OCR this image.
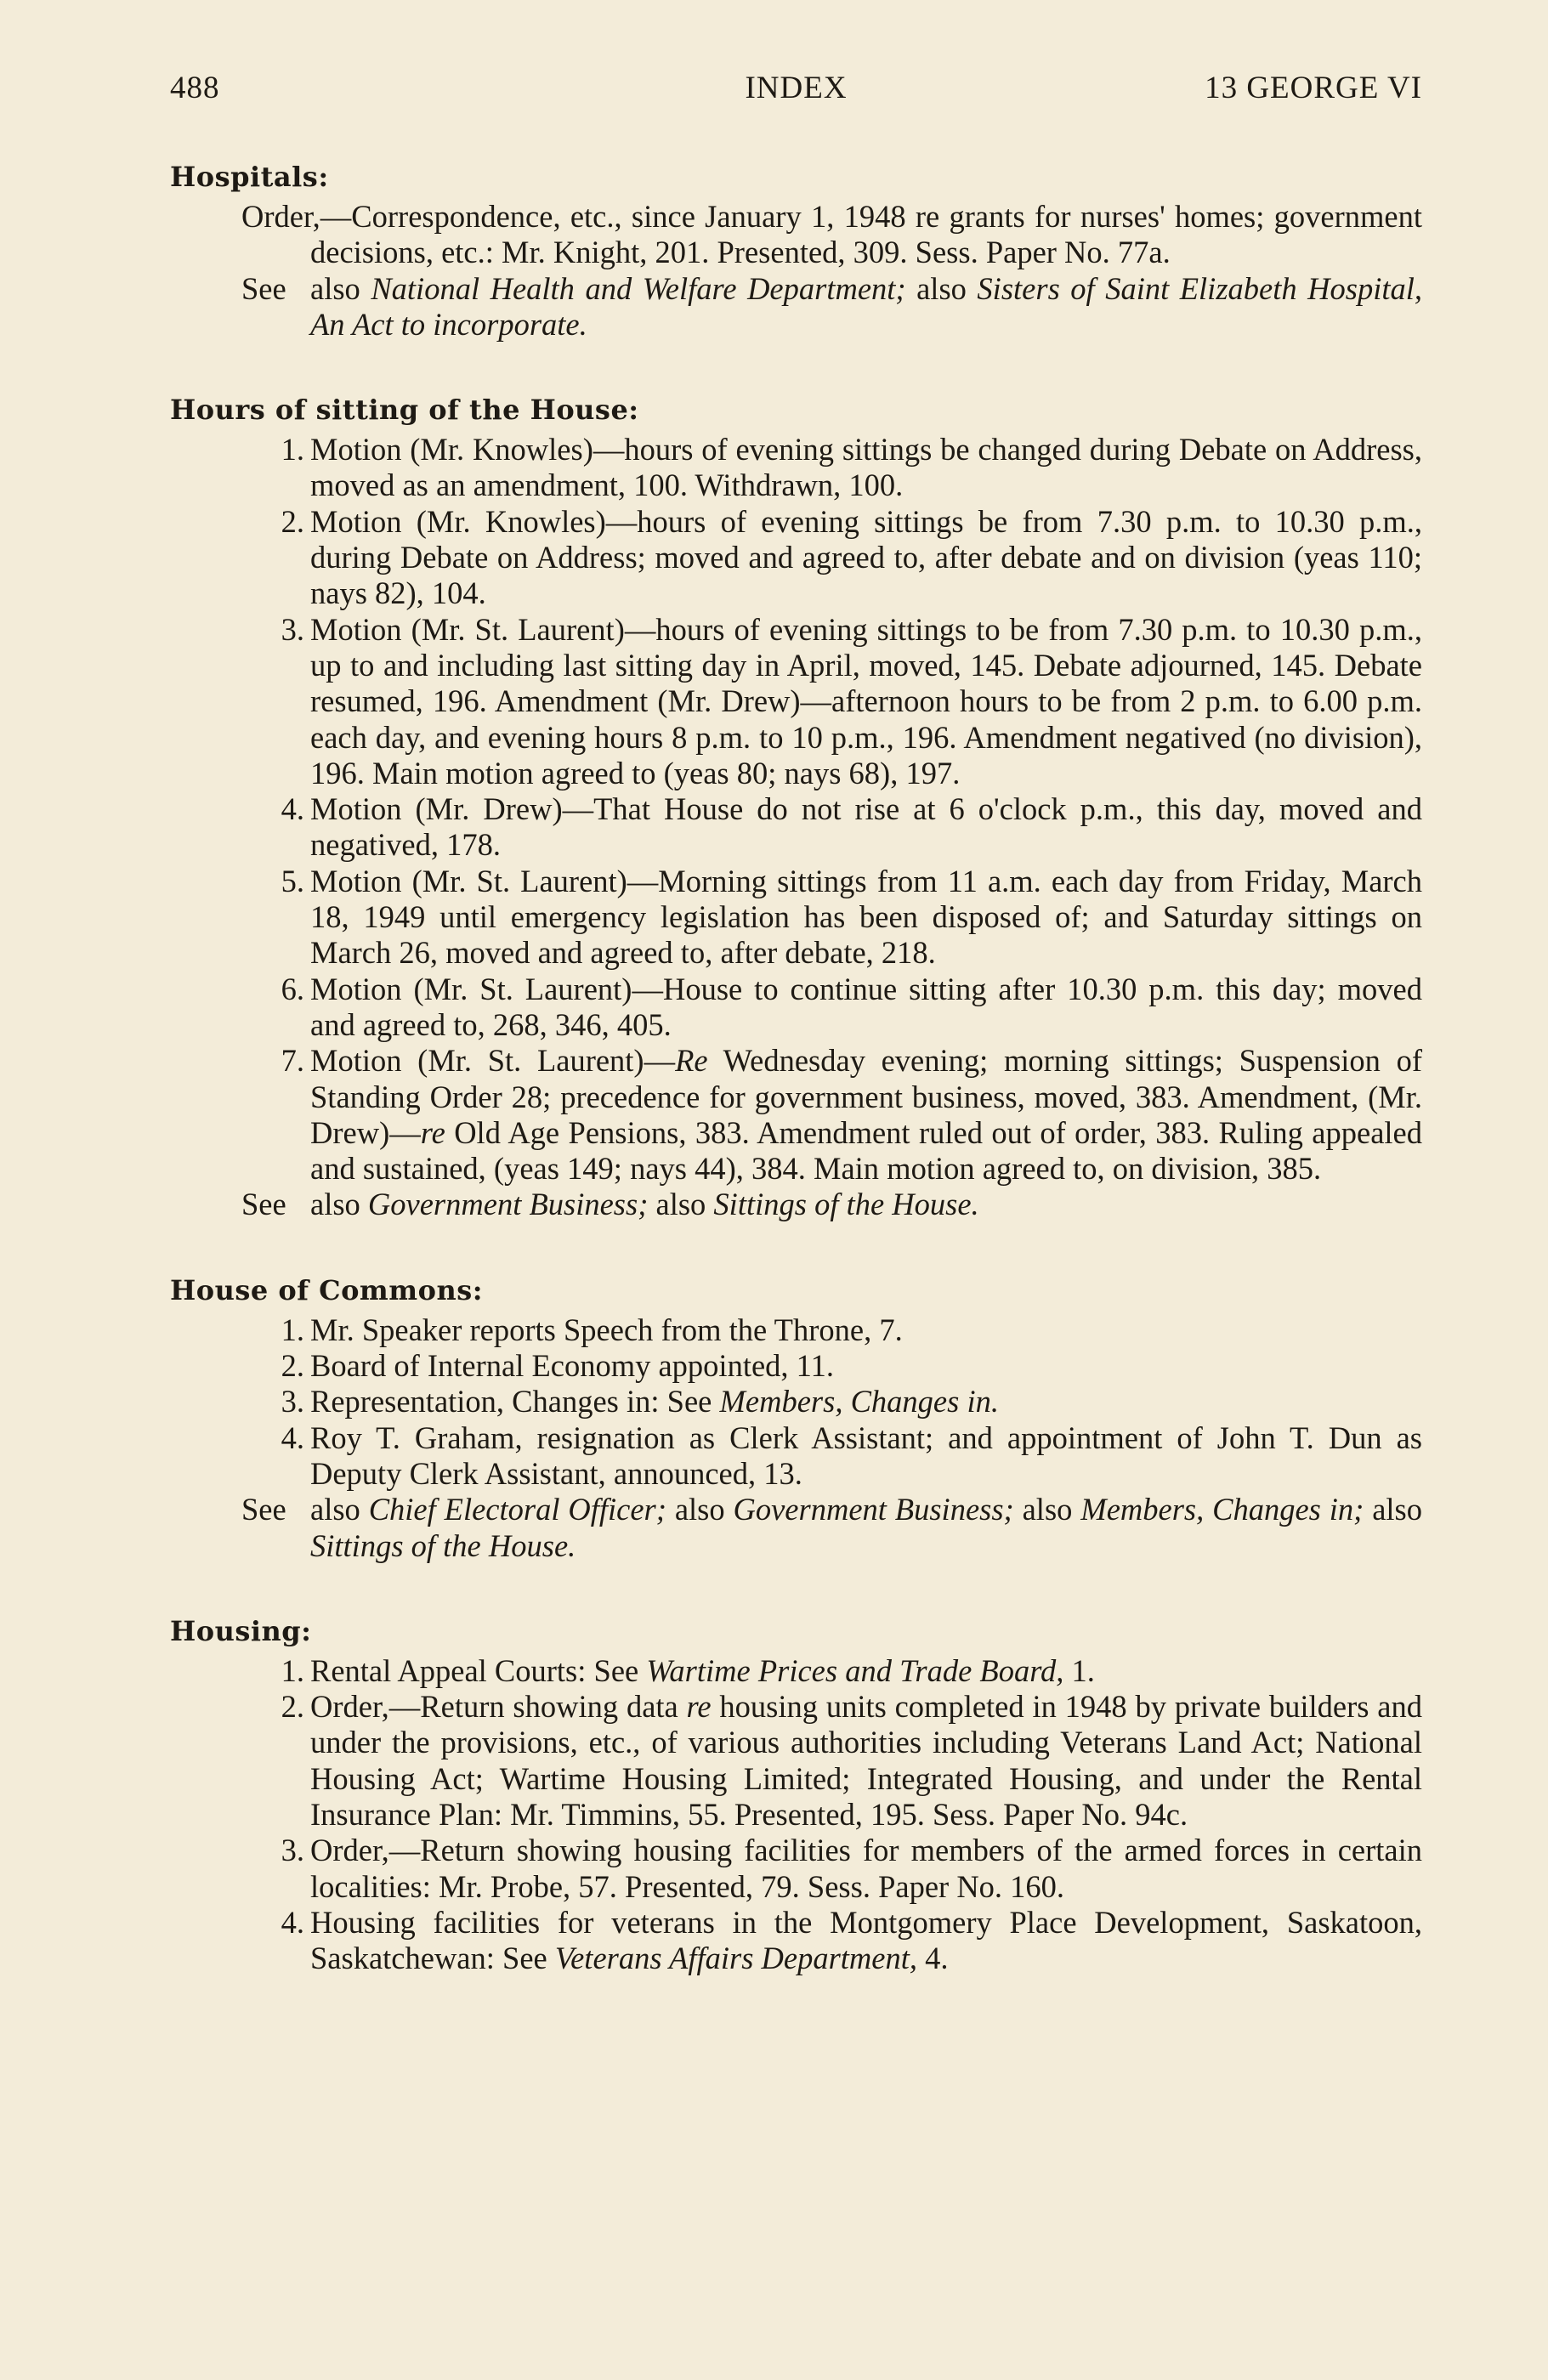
488	INDEX	13 GEORGE VI
Hospitals:
Order,—Correspondence, etc., since January 1, 1948 re grants for nurses' homes; government decisions, etc.: Mr. Knight, 201. Presented, 309. Sess. Paper No. 77a.
See also National Health and Welfare Department; also Sisters of Saint Elizabeth Hospital, An Act to incorporate.
Hours of sitting of the House:
1. Motion (Mr. Knowles)—hours of evening sittings be changed during Debate on Address, moved as an amendment, 100. Withdrawn, 100.
2. Motion (Mr. Knowles)—hours of evening sittings be from 7.30 p.m. to 10.30 p.m., during Debate on Address; moved and agreed to, after debate and on division (yeas 110; nays 82), 104.
3. Motion (Mr. St. Laurent)—hours of evening sittings to be from 7.30 p.m. to 10.30 p.m., up to and including last sitting day in April, moved, 145. Debate adjourned, 145. Debate resumed, 196. Amendment (Mr. Drew)—afternoon hours to be from 2 p.m. to 6.00 p.m. each day, and evening hours 8 p.m. to 10 p.m., 196. Amendment negatived (no division), 196. Main motion agreed to (yeas 80; nays 68), 197.
4. Motion (Mr. Drew)—That House do not rise at 6 o'clock p.m., this day, moved and negatived, 178.
5. Motion (Mr. St. Laurent)—Morning sittings from 11 a.m. each day from Friday, March 18, 1949 until emergency legislation has been disposed of; and Saturday sittings on March 26, moved and agreed to, after debate, 218.
6. Motion (Mr. St. Laurent)—House to continue sitting after 10.30 p.m. this day; moved and agreed to, 268, 346, 405.
7. Motion (Mr. St. Laurent)—Re Wednesday evening; morning sittings; Suspension of Standing Order 28; precedence for government business, moved, 383. Amendment, (Mr. Drew)—re Old Age Pensions, 383. Amendment ruled out of order, 383. Ruling appealed and sustained, (yeas 149; nays 44), 384. Main motion agreed to, on division, 385.
See also Government Business; also Sittings of the House.
House of Commons:
1. Mr. Speaker reports Speech from the Throne, 7.
2. Board of Internal Economy appointed, 11.
3. Representation, Changes in: See Members, Changes in.
4. Roy T. Graham, resignation as Clerk Assistant; and appointment of John T. Dun as Deputy Clerk Assistant, announced, 13.
See also Chief Electoral Officer; also Government Business; also Members, Changes in; also Sittings of the House.
Housing:
1. Rental Appeal Courts: See Wartime Prices and Trade Board, 1.
2. Order,—Return showing data re housing units completed in 1948 by private builders and under the provisions, etc., of various authorities including Veterans Land Act; National Housing Act; Wartime Housing Limited; Integrated Housing, and under the Rental Insurance Plan: Mr. Timmins, 55. Presented, 195. Sess. Paper No. 94c.
3. Order,—Return showing housing facilities for members of the armed forces in certain localities: Mr. Probe, 57. Presented, 79. Sess. Paper No. 160.
4. Housing facilities for veterans in the Montgomery Place Development, Saskatoon, Saskatchewan: See Veterans Affairs Department, 4.
